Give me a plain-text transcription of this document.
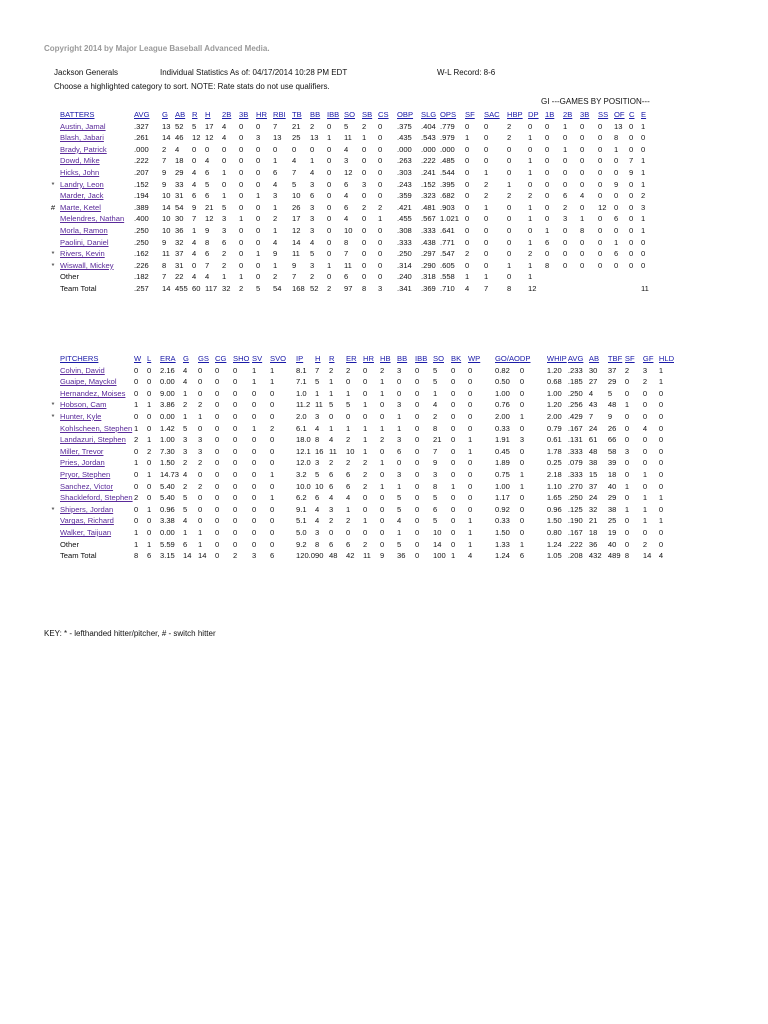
Copyright 2014 by Major League Baseball Advanced Media.
Jackson Generals	Individual Statistics As of: 04/17/2014 10:28 PM EDT	W-L Record: 8-6
Choose a highlighted category to sort. NOTE: Rate stats do not use qualifiers.
GI ---GAMES BY POSITION---
	BATTERS	AVG	G	AB	R	H	2B	3B	HR	RBI	TB	BB	IBB	SO	SB	CS	OBP	SLG	OPS	SF	SAC	HBP	DP	1B	2B	3B	SS	OF	C	E
	Austin, Jamal	.327	13	52	5	17	4	0	0	7	21	2	0	5	2	0	.375	.404	.779	0	0	2	0	0	1	0	0	13	0	1
	Blash, Jabari	.261	14	46	12	12	4	0	3	13	25	13	1	11	1	0	.435	.543	.979	1	0	2	1	0	0	0	0	8	0	0
	Brady, Patrick	.000	2	4	0	0	0	0	0	0	0	0	0	4	0	0	.000	.000	.000	0	0	0	0	0	1	0	0	1	0	0
	Dowd, Mike	.222	7	18	0	4	0	0	0	1	4	1	0	3	0	0	.263	.222	.485	0	0	0	1	0	0	0	0	0	7	1
	Hicks, John	.207	9	29	4	6	1	0	0	6	7	4	0	12	0	0	.303	.241	.544	0	1	0	1	0	0	0	0	0	9	1
*	Landry, Leon	.152	9	33	4	5	0	0	0	4	5	3	0	6	3	0	.243	.152	.395	0	2	1	0	0	0	0	0	9	0	1
	Marder, Jack	.194	10	31	6	6	1	0	1	3	10	6	0	4	0	0	.359	.323	.682	0	2	2	2	0	6	4	0	0	0	2
#	Marte, Ketel	.389	14	54	9	21	5	0	0	1	26	3	0	6	2	2	.421	.481	.903	0	1	0	1	0	2	0	12	0	0	3
	Melendres, Nathan	.400	10	30	7	12	3	1	0	2	17	3	0	4	0	1	.455	.567	1.021	0	0	0	1	0	3	1	0	6	0	1
	Morla, Ramon	.250	10	36	1	9	3	0	0	1	12	3	0	10	0	0	.308	.333	.641	0	0	0	0	1	0	8	0	0	0	1
	Paolini, Daniel	.250	9	32	4	8	6	0	0	4	14	4	0	8	0	0	.333	.438	.771	0	0	0	1	6	0	0	0	1	0	0
*	Rivers, Kevin	.162	11	37	4	6	2	0	1	9	11	5	0	7	0	0	.250	.297	.547	2	0	0	2	0	0	0	0	6	0	0
*	Wiswall, Mickey	.226	8	31	0	7	2	0	0	1	9	3	1	11	0	0	.314	.290	.605	0	0	1	1	8	0	0	0	0	0	0
	Other	.182	7	22	4	4	1	1	0	2	7	2	0	6	0	0	.240	.318	.558	1	1	0	1							
	Team Total	.257	14	455	60	117	32	2	5	54	168	52	2	97	8	3	.341	.369	.710	4	7	8	12							11
	PITCHERS	W	L	ERA	G	GS	CG	SHO	SV	SVO	IP	H	R	ER	HR	HB	BB	IBB	SO	BK	WP	GO/AO	DP	WHIP	AVG	AB	TBF	SF	GF	HLD
	Colvin, David	0	0	2.16	4	0	0	0	1	1	8.1	7	2	2	0	2	3	0	5	0	0	0.82	0	1.20	.233	30	37	2	3	1
	Guaipe, Mayckol	0	0	0.00	4	0	0	0	1	1	7.1	5	1	0	0	1	0	0	5	0	0	0.50	0	0.68	.185	27	29	0	2	1
	Hernandez, Moises	0	0	9.00	1	0	0	0	0	0	1.0	1	1	1	0	1	0	0	1	0	0	1.00	0	1.00	.250	4	5	0	0	0
*	Hobson, Cam	1	1	3.86	2	2	0	0	0	0	11.2	11	5	5	1	0	3	0	4	0	0	0.76	0	1.20	.256	43	48	1	0	0
*	Hunter, Kyle	0	0	0.00	1	1	0	0	0	0	2.0	3	0	0	0	0	1	0	2	0	0	2.00	1	2.00	.429	7	9	0	0	0
	Kohlscheen, Stephen	1	0	1.42	5	0	0	0	1	2	6.1	4	1	1	1	1	1	0	8	0	0	0.33	0	0.79	.167	24	26	0	4	0
	Landazuri, Stephen	2	1	1.00	3	3	0	0	0	0	18.0	8	4	2	1	2	3	0	21	0	1	1.91	3	0.61	.131	61	66	0	0	0
	Miller, Trevor	0	2	7.30	3	3	0	0	0	0	12.1	16	11	10	1	0	6	0	7	0	1	0.45	0	1.78	.333	48	58	3	0	0
	Pries, Jordan	1	0	1.50	2	2	0	0	0	0	12.0	3	2	2	2	1	0	0	9	0	0	1.89	0	0.25	.079	38	39	0	0	0
	Pryor, Stephen	0	1	14.73	4	0	0	0	0	1	3.2	5	6	6	2	0	3	0	3	0	0	0.75	1	2.18	.333	15	18	0	1	0
	Sanchez, Victor	0	0	5.40	2	2	0	0	0	0	10.0	10	6	6	2	1	1	0	8	1	0	1.00	1	1.10	.270	37	40	1	0	0
	Shackleford, Stephen	2	0	5.40	5	0	0	0	0	1	6.2	6	4	4	0	0	5	0	5	0	0	1.17	0	1.65	.250	24	29	0	1	1
*	Shipers, Jordan	0	1	0.96	5	0	0	0	0	0	9.1	4	3	1	0	0	5	0	6	0	0	0.92	0	0.96	.125	32	38	1	1	0
	Vargas, Richard	0	0	3.38	4	0	0	0	0	0	5.1	4	2	2	1	0	4	0	5	0	1	0.33	0	1.50	.190	21	25	0	1	1
	Walker, Taijuan	1	0	0.00	1	1	0	0	0	0	5.0	3	0	0	0	0	1	0	10	0	1	1.50	0	0.80	.167	18	19	0	0	0
	Other	1	1	5.59	6	1	0	0	0	0	9.2	8	6	6	2	0	5	0	14	0	1	1.33	1	1.24	.222	36	40	0	2	0
	Team Total	8	6	3.15	14	14	0	2	3	6	120.0	90	48	42	11	9	36	0	100	1	4	1.24	6	1.05	.208	432	489	8	14	4
KEY: * - lefthanded hitter/pitcher, # - switch hitter
